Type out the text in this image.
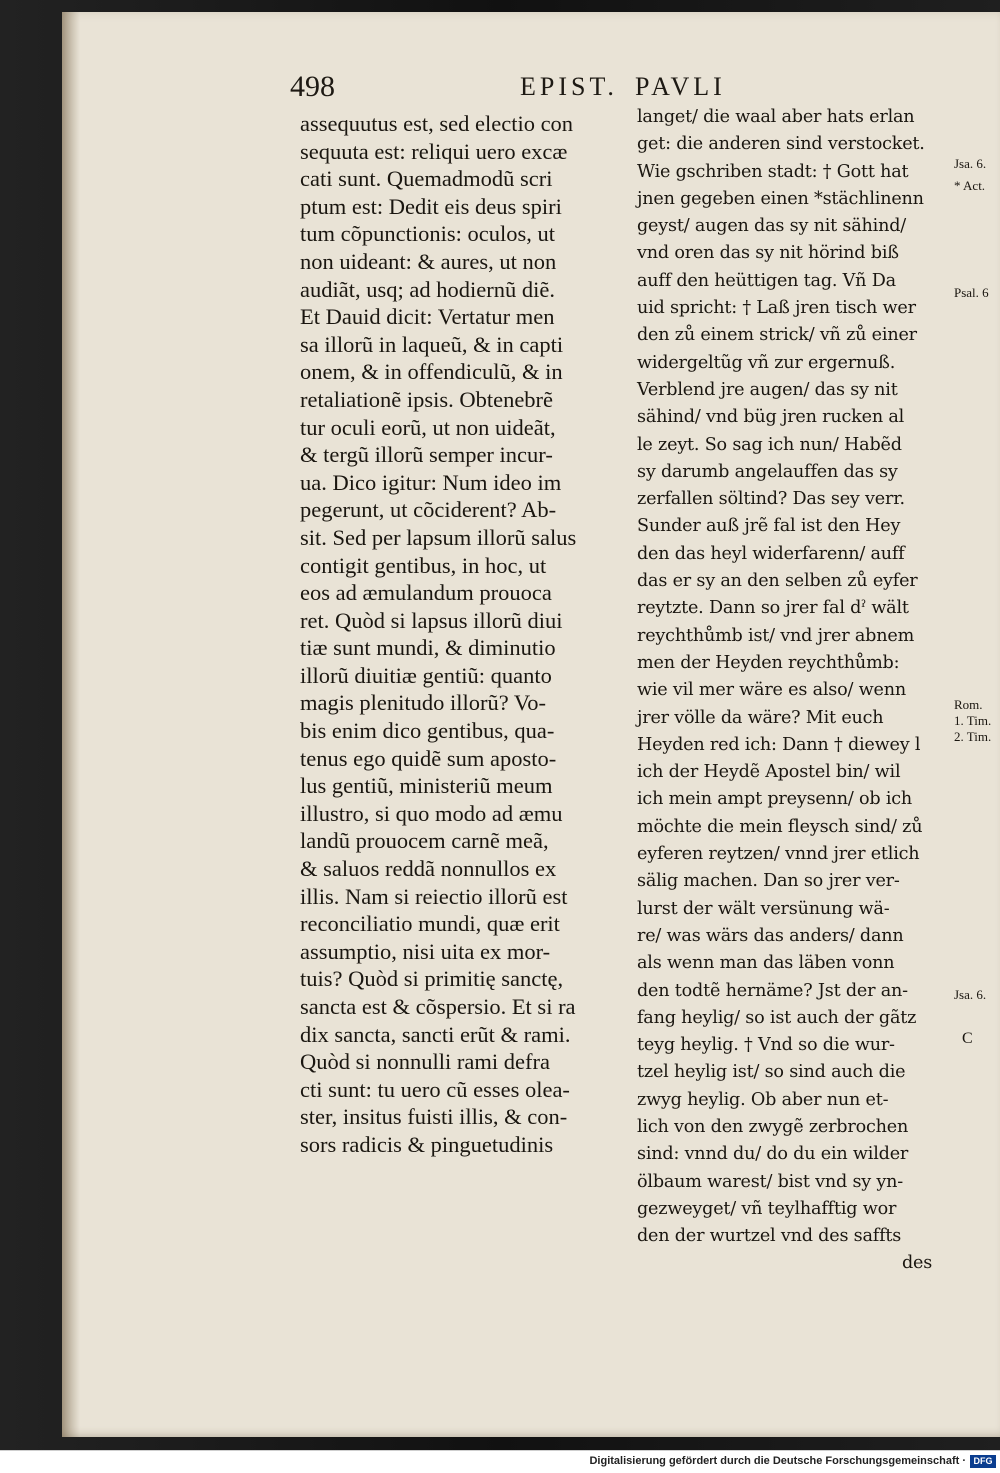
498	EPIST. PAVLI
assequutus est, sed electio con
sequuta est: reliqui uero excæ
cati sunt. Quemadmodũ scri
ptum est: Dedit eis deus spiri
tum cõpunctionis: oculos, ut
non uideant: & aures, ut non
audiãt, usq; ad hodiernũ diẽ.
Et Dauid dicit: Vertatur men
sa illorũ in laqueũ, & in capti
onem, & in offendiculũ, & in
retaliationẽ ipsis. Obtenebrẽ
tur oculi eorũ, ut non uideãt,
& tergũ illorũ semper incur-
ua. Dico igitur: Num ideo im
pegerunt, ut cõciderent? Ab-
sit. Sed per lapsum illorũ salus
contigit gentibus, in hoc, ut
eos ad æmulandum prouoca
ret. Quòd si lapsus illorũ diui
tiæ sunt mundi, & diminutio
illorũ diuitiæ gentiũ: quanto
magis plenitudo illorũ? Vo-
bis enim dico gentibus, qua-
tenus ego quidẽ sum aposto-
lus gentiũ, ministeriũ meum
illustro, si quo modo ad æmu
landũ prouocem carnẽ meã,
& saluos reddã nonnullos ex
illis. Nam si reiectio illorũ est
reconciliatio mundi, quæ erit
assumptio, nisi uita ex mor-
tuis? Quòd si primitię sanctę,
sancta est & cõspersio. Et si ra
dix sancta, sancti erũt & rami.
Quòd si nonnulli rami defra
cti sunt: tu uero cũ esses olea-
ster, insitus fuisti illis, & con-
sors radicis & pinguetudinis
langet/ die waal aber hats erlan
get: die anderen sind verstocket.
Wie gschriben stadt: † Gott hat
jnen gegeben einen *stächlinenn
geyst/ augen das sy nit sähind/
vnd oren das sy nit hörind biß
auff den heüttigen tag. Vñ Da
uid spricht: † Laß jren tisch wer
den zů einem strick/ vñ zů einer
widergeltũg vñ zur ergernuß.
Verblend jre augen/ das sy nit
sähind/ vnd büg jren rucken al
le zeyt. So sag ich nun/ Habẽd
sy darumb angelauffen das sy
zerfallen söltind? Das sey verr.
Sunder auß jrẽ fal ist den Hey
den das heyl widerfarenn/ auff
das er sy an den selben zů eyfer
reytzte. Dann so jrer fal dˀ wält
reychthůmb ist/ vnd jrer abnem
men der Heyden reychthůmb:
wie vil mer wäre es also/ wenn
jrer völle da wäre? Mit euch
Heyden red ich: Dann † diewey l
ich der Heydẽ Apostel bin/ wil
ich mein ampt preysenn/ ob ich
möchte die mein fleysch sind/ zů
eyferen reytzen/ vnnd jrer etlich
sälig machen. Dan so jrer ver-
lurst der wält versünung wä-
re/ was wärs das anders/ dann
als wenn man das läben vonn
den todtẽ hernäme? Jst der an-
fang heylig/ so ist auch der gãtz
teyg heylig. † Vnd so die wur-
tzel heylig ist/ so sind auch die
zwyg heylig. Ob aber nun et-
lich von den zwygẽ zerbrochen
sind: vnnd du/ do du ein wilder
ölbaum warest/ bist vnd sy yn-
gezweyget/ vñ teylhafftig wor
den der wurtzel vnd des saffts
des
Jsa. 6.
* Act.
Psal. 6
Rom.
1. Tim.
2. Tim.
Jsa. 6.
C
Digitalisierung gefördert durch die Deutsche Forschungsgemeinschaft · DFG
